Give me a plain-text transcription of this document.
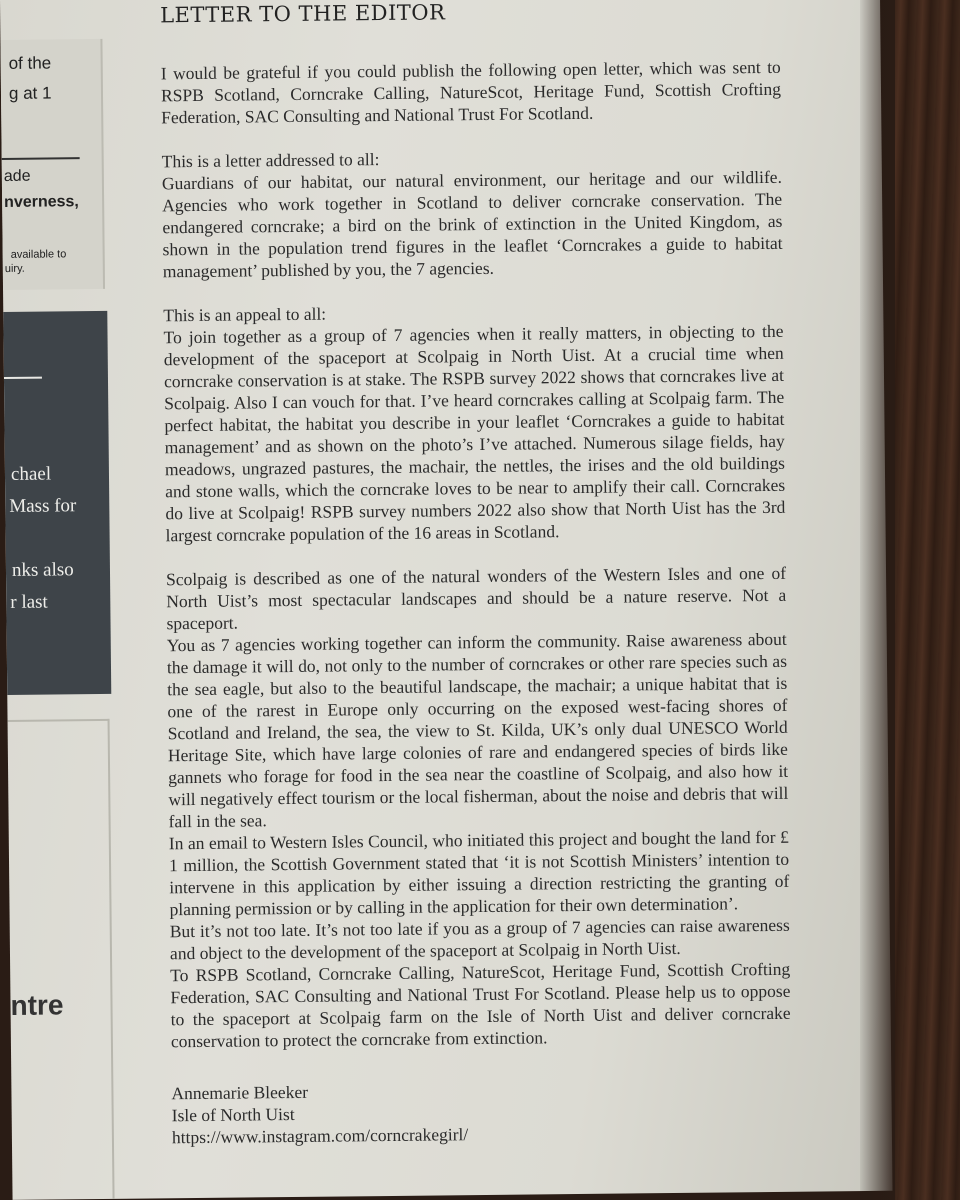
of the
g at 1
ade
nverness,
available to
uiry.
chael
Mass for
nks also
r last
ntre
LETTER TO THE EDITOR

I would be grateful if you could publish the following open letter, which was sent to RSPB Scotland, Corncrake Calling, NatureScot, Heritage Fund, Scottish Crofting Federation, SAC Consulting and National Trust For Scotland.

This is a letter addressed to all:

Guardians of our habitat, our natural environment, our heritage and our wildlife. Agencies who work together in Scotland to deliver corncrake conservation. The endangered corncrake; a bird on the brink of extinction in the United Kingdom, as shown in the population trend figures in the leaflet ‘Corncrakes a guide to habitat management’ published by you, the 7 agencies.

This is an appeal to all:

To join together as a group of 7 agencies when it really matters, in objecting to the development of the spaceport at Scolpaig in North Uist. At a crucial time when corncrake conservation is at stake. The RSPB survey 2022 shows that corncrakes live at Scolpaig. Also I can vouch for that. I’ve heard corncrakes calling at Scolpaig farm. The perfect habitat, the habitat you describe in your leaflet ‘Corncrakes a guide to habitat management’ and as shown on the photo’s I’ve attached. Numerous silage fields, hay meadows, ungrazed pastures, the machair, the nettles, the irises and the old buildings and stone walls, which the corncrake loves to be near to amplify their call. Corncrakes do live at Scolpaig! RSPB survey numbers 2022 also show that North Uist has the 3rd largest corncrake population of the 16 areas in Scotland.

Scolpaig is described as one of the natural wonders of the Western Isles and one of North Uist’s most spectacular landscapes and should be a nature reserve. Not a spaceport.

You as 7 agencies working together can inform the community. Raise awareness about the damage it will do, not only to the number of corncrakes or other rare species such as the sea eagle, but also to the beautiful landscape, the machair; a unique habitat that is one of the rarest in Europe only occurring on the exposed west-facing shores of Scotland and Ireland, the sea, the view to St. Kilda, UK’s only dual UNESCO World Heritage Site, which have large colonies of rare and endangered species of birds like gannets who forage for food in the sea near the coastline of Scolpaig, and also how it will negatively effect tourism or the local fisherman, about the noise and debris that will fall in the sea.

In an email to Western Isles Council, who initiated this project and bought the land for £ 1 million, the Scottish Government stated that ‘it is not Scottish Ministers’ intention to intervene in this application by either issuing a direction restricting the granting of planning permission or by calling in the application for their own determination’.

But it’s not too late. It’s not too late if you as a group of 7 agencies can raise awareness and object to the development of the spaceport at Scolpaig in North Uist.

To RSPB Scotland, Corncrake Calling, NatureScot, Heritage Fund, Scottish Crofting Federation, SAC Consulting and National Trust For Scotland. Please help us to oppose to the spaceport at Scolpaig farm on the Isle of North Uist and deliver corncrake conservation to protect the corncrake from extinction.

Annemarie Bleeker
Isle of North Uist
https://www.instagram.com/corncrakegirl/
